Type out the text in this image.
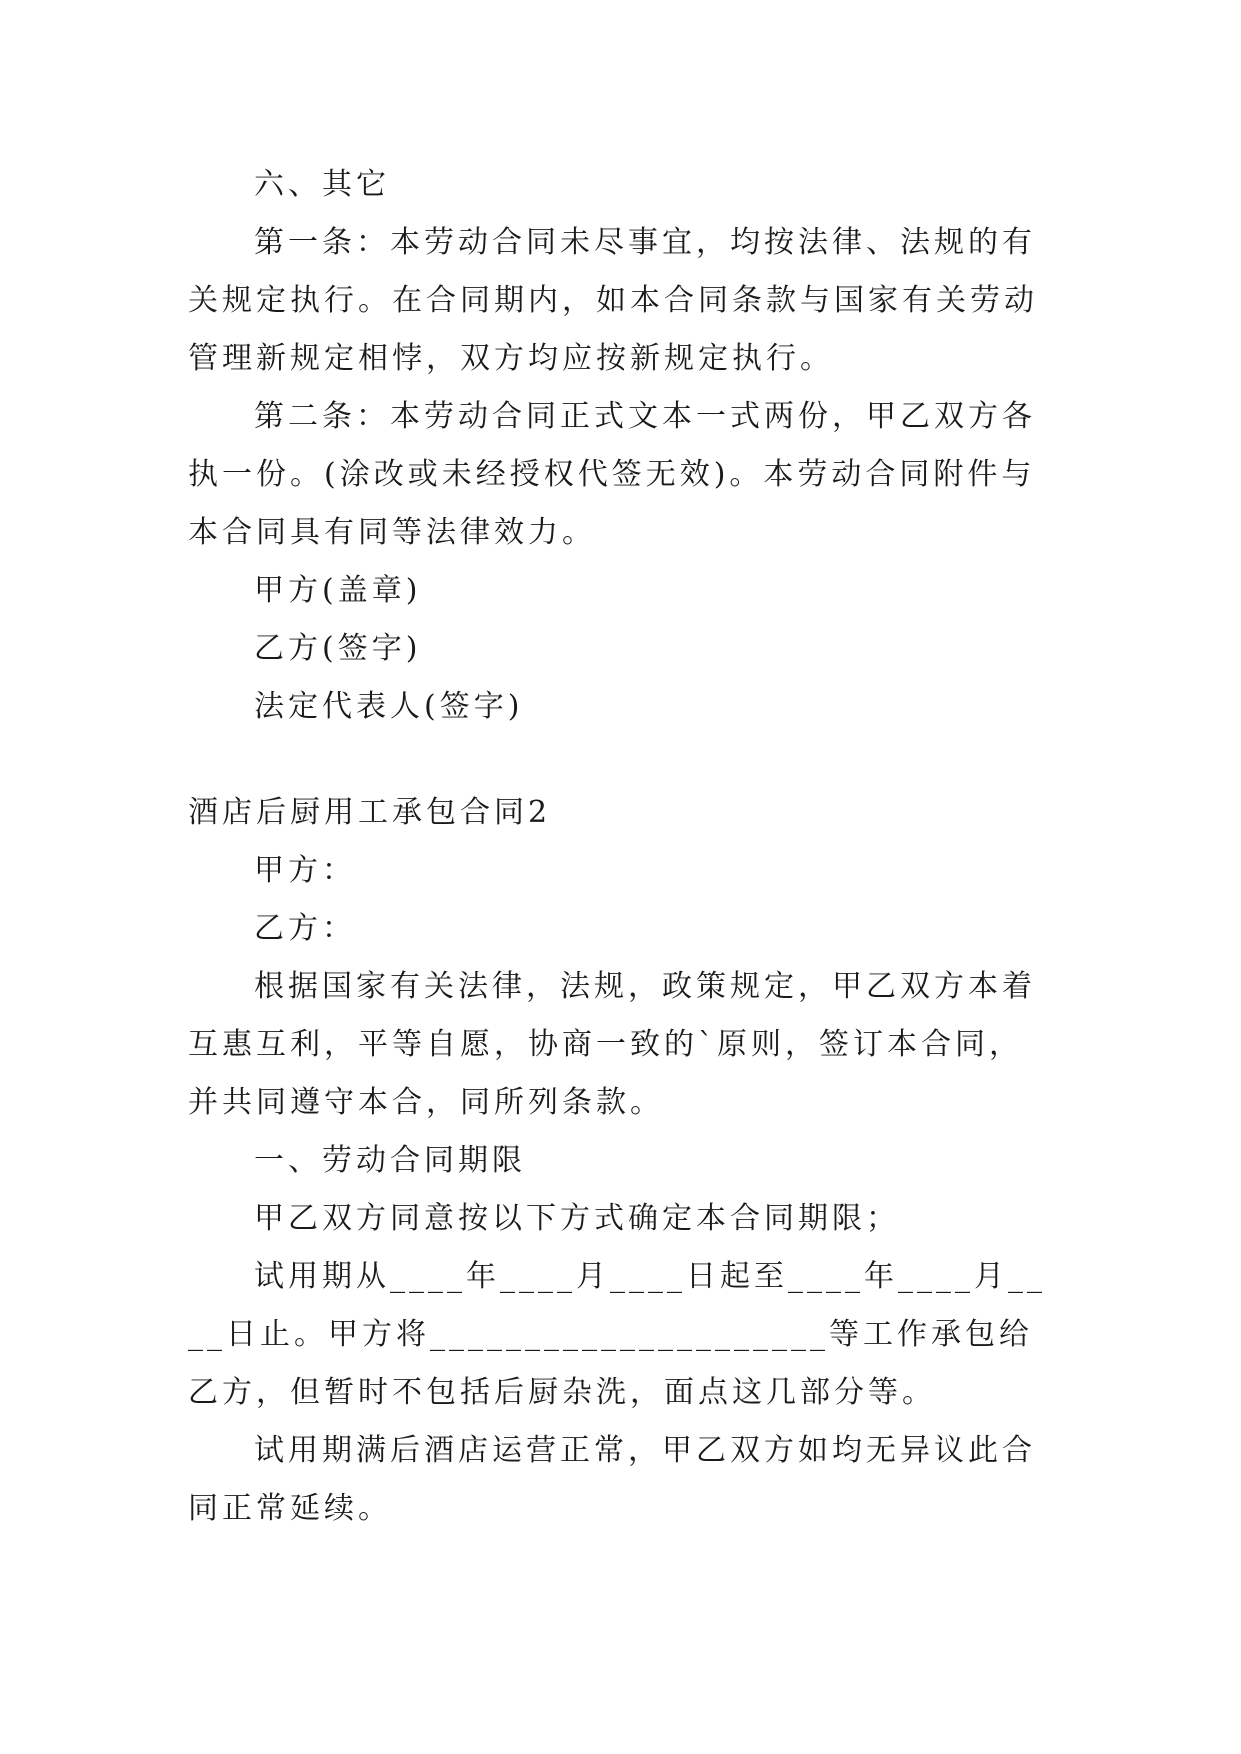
六、其它

第一条：本劳动合同未尽事宜，均按法律、法规的有关规定执行。在合同期内，如本合同条款与国家有关劳动管理新规定相悖，双方均应按新规定执行。

第二条：本劳动合同正式文本一式两份，甲乙双方各执一份。(涂改或未经授权代签无效)。本劳动合同附件与本合同具有同等法律效力。

甲方(盖章)

乙方(签字)

法定代表人(签字)

酒店后厨用工承包合同2

甲方：

乙方：

根据国家有关法律，法规，政策规定，甲乙双方本着互惠互利，平等自愿，协商一致的`原则，签订本合同，并共同遵守本合，同所列条款。

一、劳动合同期限

甲乙双方同意按以下方式确定本合同期限；

试用期从____年____月____日起至____年____月____日止。甲方将_____________________等工作承包给乙方，但暂时不包括后厨杂洗，面点这几部分等。

试用期满后酒店运营正常，甲乙双方如均无异议此合同正常延续。
